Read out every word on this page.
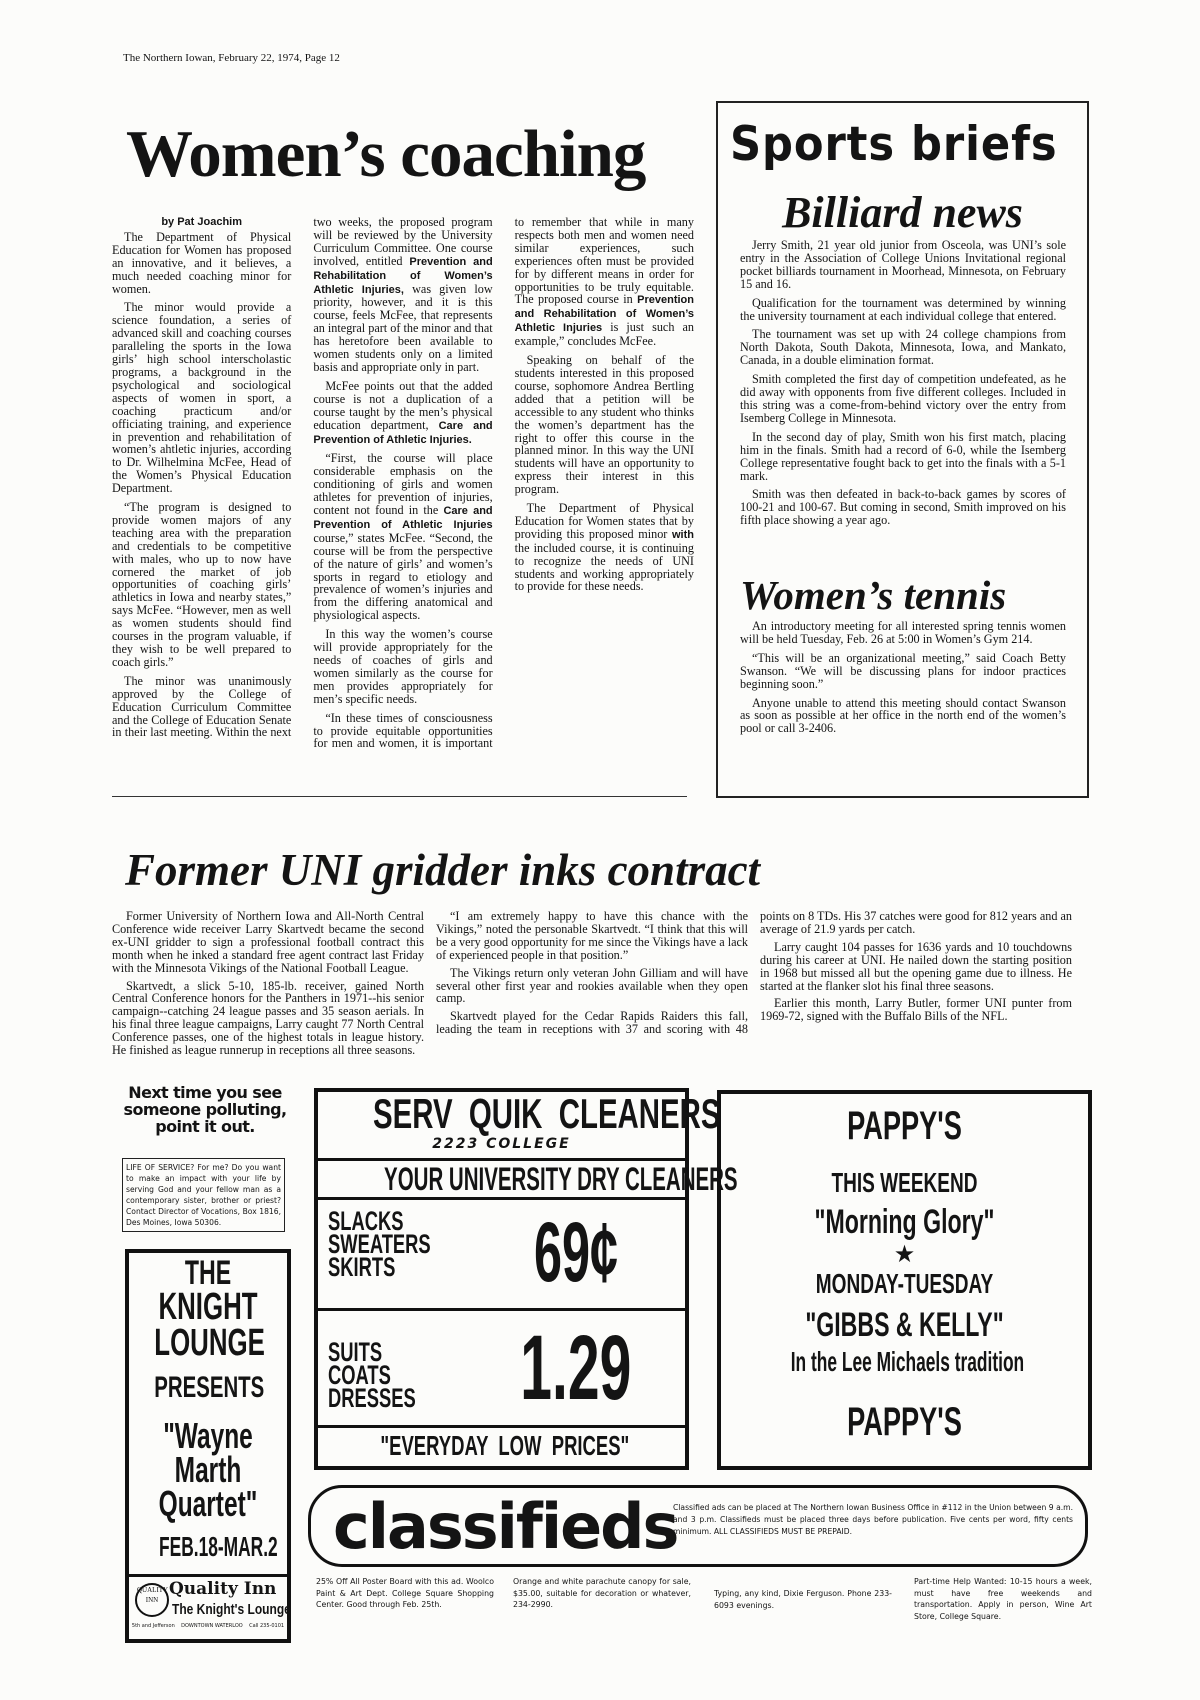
The Northern Iowan, February 22, 1974, Page 12
Women’s coaching
by Pat Joachim

The Department of Physical Education for Women has proposed an innovative, and it believes, a much needed coaching minor for women.

The minor would provide a science foundation, a series of advanced skill and coaching courses paralleling the sports in the Iowa girls’ high school interscholastic programs, a background in the psychological and sociological aspects of women in sport, a coaching practicum and/or officiating training, and experience in prevention and rehabilitation of women’s ahtletic injuries, according to Dr. Wilhelmina McFee, Head of the Women’s Physical Education Department.

“The program is designed to provide women majors of any teaching area with the preparation and credentials to be competitive with males, who up to now have cornered the market of job opportunities of coaching girls’ athletics in Iowa and nearby states,” says McFee. “However, men as well as women students should find courses in the program valuable, if they wish to be well prepared to coach girls.”

The minor was unanimously approved by the College of Education Curriculum Committee and the College of Education Senate in their last meeting. Within the next two weeks, the proposed program will be reviewed by the University Curriculum Committee. One course involved, entitled Prevention and Rehabilitation of Women’s Athletic Injuries, was given low priority, however, and it is this course, feels McFee, that represents an integral part of the minor and that has heretofore been available to women students only on a limited basis and appropriate only in part.

McFee points out that the added course is not a duplication of a course taught by the men’s physical education department, Care and Prevention of Athletic Injuries.

“First, the course will place considerable emphasis on the conditioning of girls and women athletes for prevention of injuries, content not found in the Care and Prevention of Athletic Injuries course,” states McFee. “Second, the course will be from the perspective of the nature of girls’ and women’s sports in regard to etiology and prevalence of women’s injuries and from the differing anatomical and physiological aspects.

In this way the women’s course will provide appropriately for the needs of coaches of girls and women similarly as the course for men provides appropriately for men’s specific needs.

“In these times of consciousness to provide equitable opportunities for men and women, it is important to remember that while in many respects both men and women need similar experiences, such experiences often must be provided for by different means in order for opportunities to be truly equitable. The proposed course in Prevention and Rehabilitation of Women’s Athletic Injuries is just such an example,” concludes McFee.

Speaking on behalf of the students interested in this proposed course, sophomore Andrea Bertling added that a petition will be accessible to any student who thinks the women’s department has the right to offer this course in the planned minor. In this way the UNI students will have an opportunity to express their interest in this program.

The Department of Physical Education for Women states that by providing this proposed minor with the included course, it is continuing to recognize the needs of UNI students and working appropriately to provide for these needs.

Sports briefs
Billiard news

Jerry Smith, 21 year old junior from Osceola, was UNI’s sole entry in the Association of College Unions Invitational regional pocket billiards tournament in Moorhead, Minnesota, on February 15 and 16.

Qualification for the tournament was determined by winning the university tournament at each individual college that entered.

The tournament was set up with 24 college champions from North Dakota, South Dakota, Minnesota, Iowa, and Mankato, Canada, in a double elimination format.

Smith completed the first day of competition undefeated, as he did away with opponents from five different colleges. Included in this string was a come-from-behind victory over the entry from Isemberg College in Minnesota.

In the second day of play, Smith won his first match, placing him in the finals. Smith had a record of 6-0, while the Isemberg College representative fought back to get into the finals with a 5-1 mark.

Smith was then defeated in back-to-back games by scores of 100-21 and 100-67. But coming in second, Smith improved on his fifth place showing a year ago.

Women’s tennis

An introductory meeting for all interested spring tennis women will be held Tuesday, Feb. 26 at 5:00 in Women’s Gym 214.

“This will be an organizational meeting,” said Coach Betty Swanson. “We will be discussing plans for indoor practices beginning soon.”

Anyone unable to attend this meeting should contact Swanson as soon as possible at her office in the north end of the women’s pool or call 3-2406.

Former UNI gridder inks contract

Former University of Northern Iowa and All-North Central Conference wide receiver Larry Skartvedt became the second ex-UNI gridder to sign a professional football contract this month when he inked a standard free agent contract last Friday with the Minnesota Vikings of the National Football League.

Skartvedt, a slick 5-10, 185-lb. receiver, gained North Central Conference honors for the Panthers in 1971--his senior campaign--catching 24 league passes and 35 season aerials. In his final three league campaigns, Larry caught 77 North Central Conference passes, one of the highest totals in league history. He finished as league runnerup in receptions all three seasons.

“I am extremely happy to have this chance with the Vikings,” noted the personable Skartvedt. “I think that this will be a very good opportunity for me since the Vikings have a lack of experienced people in that position.”

The Vikings return only veteran John Gilliam and will have several other first year and rookies available when they open camp.

Skartvedt played for the Cedar Rapids Raiders this fall, leading the team in receptions with 37 and scoring with 48 points on 8 TDs. His 37 catches were good for 812 years and an average of 21.9 yards per catch.

Larry caught 104 passes for 1636 yards and 10 touchdowns during his career at UNI. He nailed down the starting position in 1968 but missed all but the opening game due to illness. He started at the flanker slot his final three seasons.

Earlier this month, Larry Butler, former UNI punter from 1969-72, signed with the Buffalo Bills of the NFL.

Next time you see someone polluting, point it out.
LIFE OF SERVICE? For me? Do you want to make an impact with your life by serving God and your fellow man as a contemporary sister, brother or priest? Contact Director of Vocations, Box 1816, Des Moines, Iowa 50306.
THE
KNIGHT
LOUNGE
PRESENTS
"Wayne
Marth
Quartet"
FEB.18-MAR.2
QUALITY INN
Quality Inn
The Knight's Lounge
5th and Jefferson    DOWNTOWN WATERLOO    Call 235-0101
SERV  QUIK  CLEANERS
2223 COLLEGE
YOUR UNIVERSITY DRY CLEANERS
SLACKS
SWEATERS
SKIRTS	69¢
SUITS
COATS
DRESSES 1.29
"EVERYDAY  LOW  PRICES"
PAPPY'S
THIS WEEKEND
"Morning Glory"
★
MONDAY-TUESDAY
"GIBBS & KELLY"
In the Lee Michaels tradition
PAPPY'S
classifieds
Classified ads can be placed at The Northern Iowan Business Office in #112 in the Union between 9 a.m. and 3 p.m. Classifieds must be placed three days before publication. Five cents per word, fifty cents minimum. ALL CLASSIFIEDS MUST BE PREPAID.
25% Off All Poster Board with this ad. Woolco Paint & Art Dept. College Square Shopping Center. Good through Feb. 25th.
Orange and white parachute canopy for sale, $35.00, suitable for decoration or whatever, 234-2990.
Typing, any kind, Dixie Ferguson. Phone 233-6093 evenings.
Part-time Help Wanted: 10-15 hours a week, must have free weekends and transportation. Apply in person, Wine Art Store, College Square.
